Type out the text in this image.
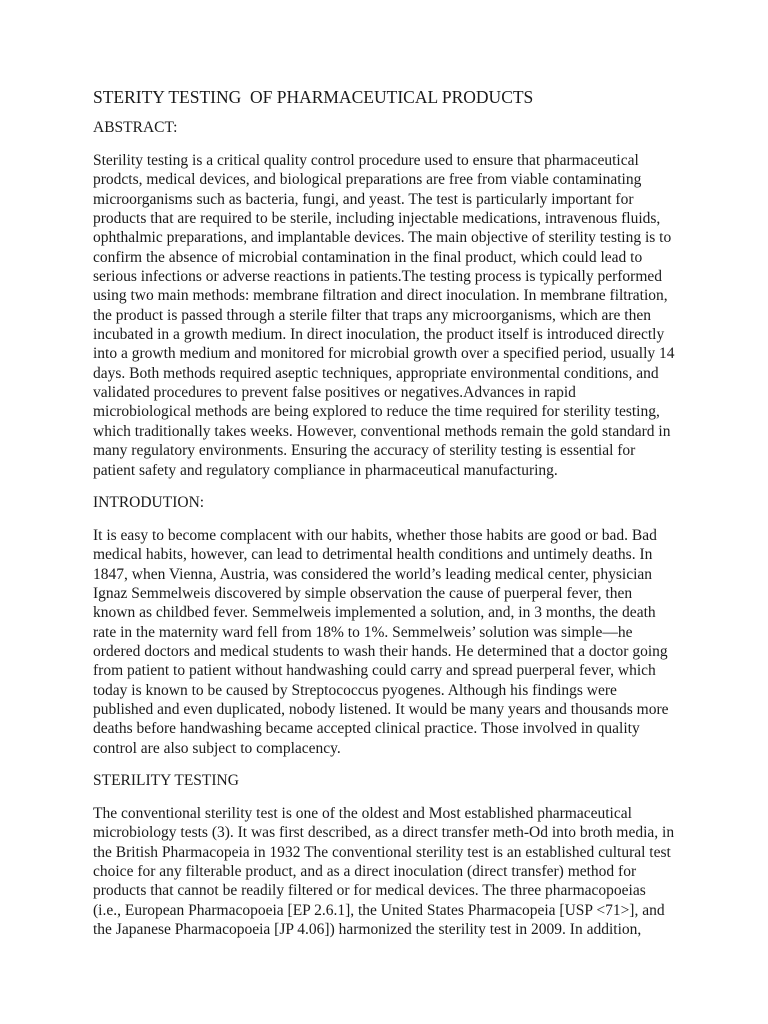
STERITY TESTING  OF PHARMACEUTICAL PRODUCTS
ABSTRACT:
Sterility testing is a critical quality control procedure used to ensure that pharmaceutical
prodcts, medical devices, and biological preparations are free from viable contaminating
microorganisms such as bacteria, fungi, and yeast. The test is particularly important for
products that are required to be sterile, including injectable medications, intravenous fluids,
ophthalmic preparations, and implantable devices. The main objective of sterility testing is to
confirm the absence of microbial contamination in the final product, which could lead to
serious infections or adverse reactions in patients.The testing process is typically performed
using two main methods: membrane filtration and direct inoculation. In membrane filtration,
the product is passed through a sterile filter that traps any microorganisms, which are then
incubated in a growth medium. In direct inoculation, the product itself is introduced directly
into a growth medium and monitored for microbial growth over a specified period, usually 14
days. Both methods required aseptic techniques, appropriate environmental conditions, and
validated procedures to prevent false positives or negatives.Advances in rapid
microbiological methods are being explored to reduce the time required for sterility testing,
which traditionally takes weeks. However, conventional methods remain the gold standard in
many regulatory environments. Ensuring the accuracy of sterility testing is essential for
patient safety and regulatory compliance in pharmaceutical manufacturing.
INTRODUTION:
It is easy to become complacent with our habits, whether those habits are good or bad. Bad
medical habits, however, can lead to detrimental health conditions and untimely deaths. In
1847, when Vienna, Austria, was considered the world’s leading medical center, physician
Ignaz Semmelweis discovered by simple observation the cause of puerperal fever, then
known as childbed fever. Semmelweis implemented a solution, and, in 3 months, the death
rate in the maternity ward fell from 18% to 1%. Semmelweis’ solution was simple—he
ordered doctors and medical students to wash their hands. He determined that a doctor going
from patient to patient without handwashing could carry and spread puerperal fever, which
today is known to be caused by Streptococcus pyogenes. Although his findings were
published and even duplicated, nobody listened. It would be many years and thousands more
deaths before handwashing became accepted clinical practice. Those involved in quality
control are also subject to complacency.
STERILITY TESTING
The conventional sterility test is one of the oldest and Most established pharmaceutical
microbiology tests (3). It was first described, as a direct transfer meth-Od into broth media, in
the British Pharmacopeia in 1932 The conventional sterility test is an established cultural test
choice for any filterable product, and as a direct inoculation (direct transfer) method for
products that cannot be readily filtered or for medical devices. The three pharmacopoeias
(i.e., European Pharmacopoeia [EP 2.6.1], the United States Pharmacopeia [USP <71>], and
the Japanese Pharmacopoeia [JP 4.06]) harmonized the sterility test in 2009. In addition,
